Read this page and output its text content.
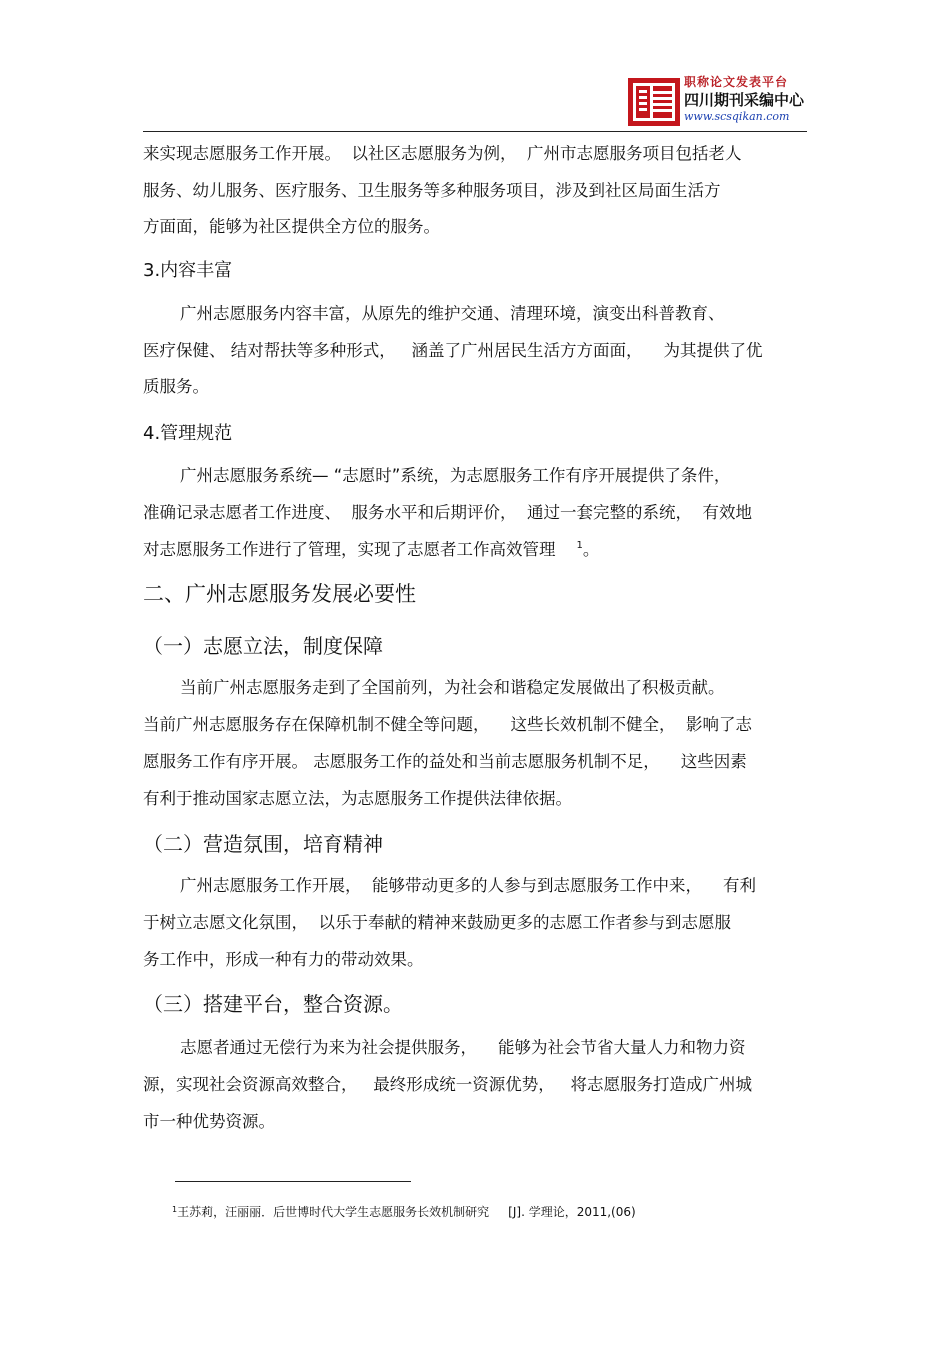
职称论文发表平台
四川期刊采编中心
www.scsqikan.com
来实现志愿服务工作开展。  以社区志愿服务为例，  广州市志愿服务项目包括老人
服务、幼儿服务、医疗服务、卫生服务等多种服务项目，涉及到社区局面生活方
方面面，能够为社区提供全方位的服务。
3.内容丰富
广州志愿服务内容丰富，从原先的维护交通、清理环境，演变出科普教育、
医疗保健、 结对帮扶等多种形式，   涵盖了广州居民生活方方面面，    为其提供了优
质服务。
4.管理规范
广州志愿服务系统— “志愿时”系统，为志愿服务工作有序开展提供了条件，
准确记录志愿者工作进度、  服务水平和后期评价，  通过一套完整的系统，  有效地
对志愿服务工作进行了管理，实现了志愿者工作高效管理 $^1$。
二、广州志愿服务发展必要性
（一）志愿立法，制度保障
当前广州志愿服务走到了全国前列，为社会和谐稳定发展做出了积极贡献。
当前广州志愿服务存在保障机制不健全等问题，    这些长效机制不健全，  影响了志
愿服务工作有序开展。 志愿服务工作的益处和当前志愿服务机制不足，    这些因素
有利于推动国家志愿立法，为志愿服务工作提供法律依据。
（二）营造氛围，培育精神
广州志愿服务工作开展，  能够带动更多的人参与到志愿服务工作中来，    有利
于树立志愿文化氛围，  以乐于奉献的精神来鼓励更多的志愿工作者参与到志愿服
务工作中，形成一种有力的带动效果。
（三）搭建平台，整合资源。
志愿者通过无偿行为来为社会提供服务，    能够为社会节省大量人力和物力资
源，实现社会资源高效整合，   最终形成统一资源优势，   将志愿服务打造成广州城
市一种优势资源。
$^1$王苏莉，汪丽丽．后世博时代大学生志愿服务长效机制研究     [J]. 学理论，2011,(06)
